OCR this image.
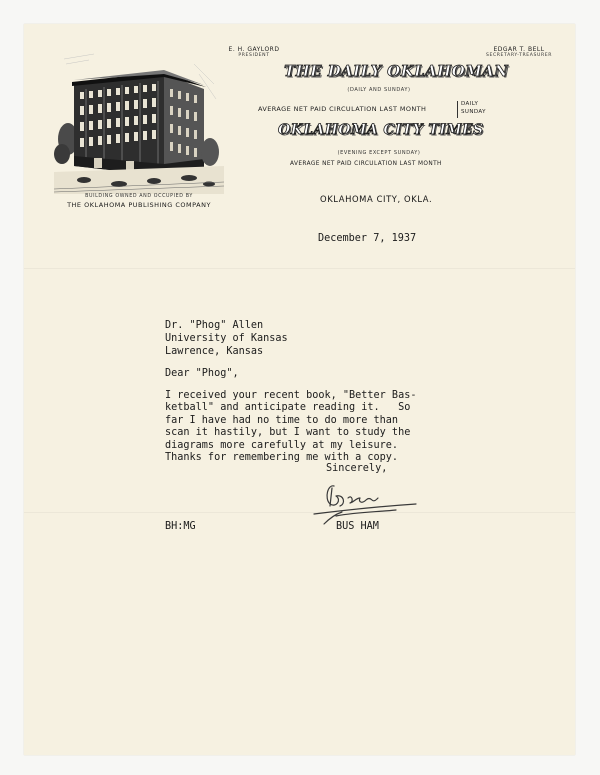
BUILDING OWNED AND OCCUPIED BY
THE OKLAHOMA PUBLISHING COMPANY
E. H. GAYLORD
PRESIDENT
EDGAR T. BELL
SECRETARY-TREASURER
THE DAILY OKLAHOMAN
(DAILY AND SUNDAY)
AVERAGE NET PAID CIRCULATION LAST MONTH
DAILY
SUNDAY
OKLAHOMA CITY TIMES
(EVENING EXCEPT SUNDAY)
AVERAGE NET PAID CIRCULATION LAST MONTH
OKLAHOMA CITY, OKLA.
December 7, 1937
Dr. "Phog" Allen
University of Kansas
Lawrence, Kansas
Dear "Phog",
I received your recent book, "Better Bas-
ketball" and anticipate reading it.   So
far I have had no time to do more than
scan it hastily, but I want to study the
diagrams more carefully at my leisure.
Thanks for remembering me with a copy.
Sincerely,
BUS HAM
BH:MG
